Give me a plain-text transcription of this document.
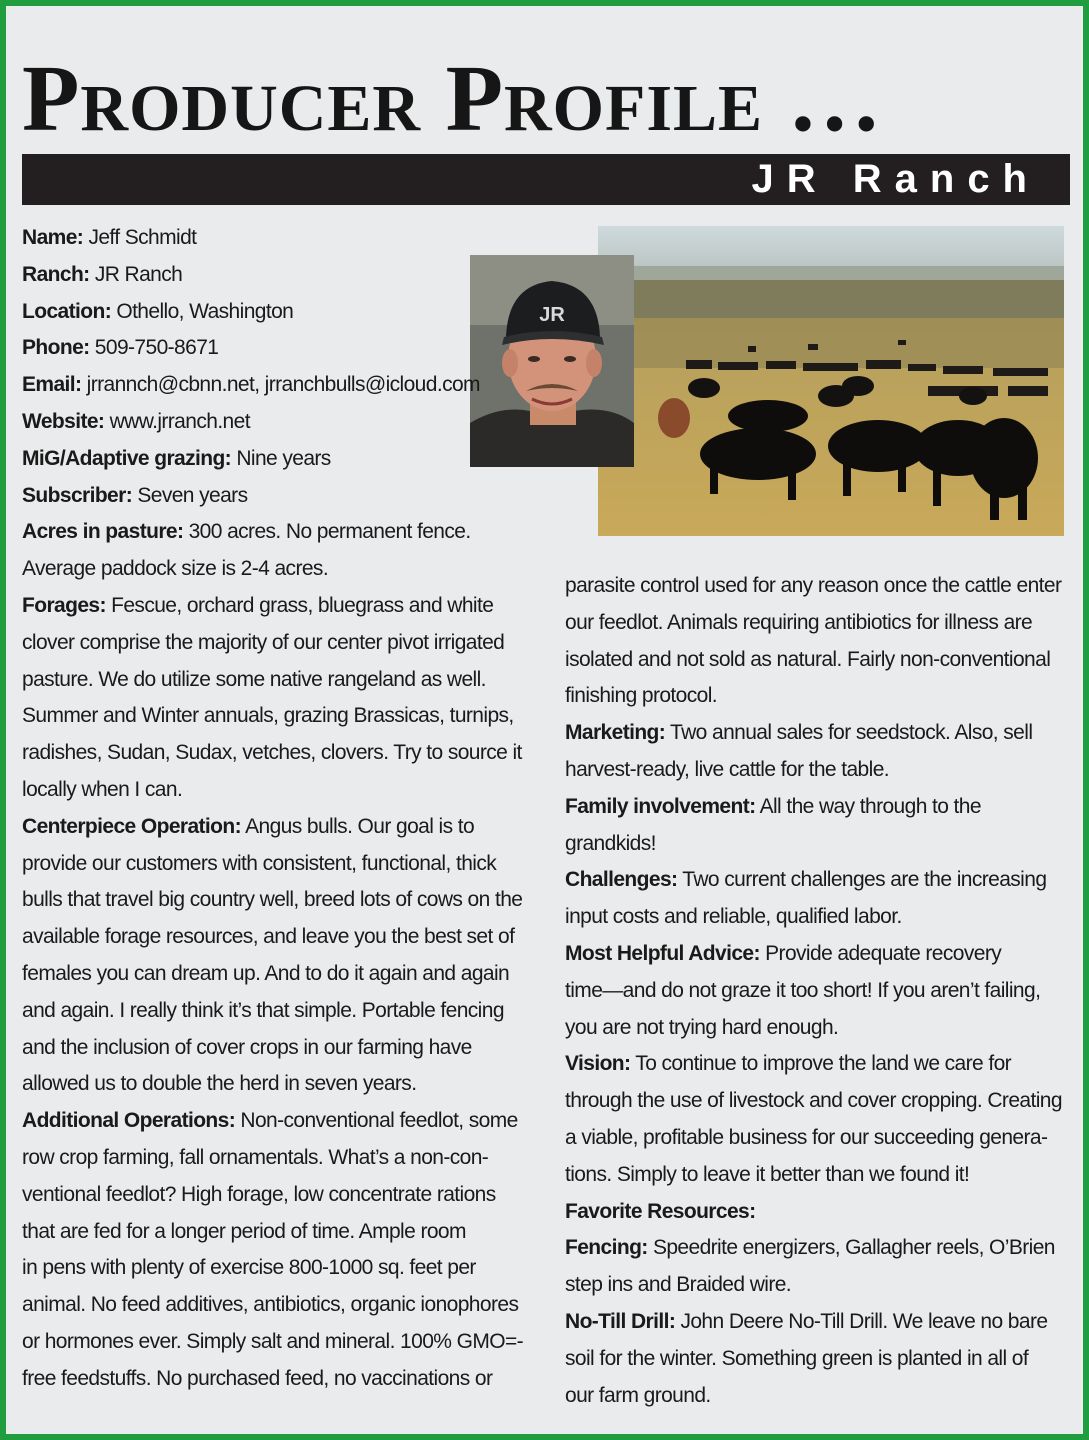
Producer Profile …
JR Ranch
JR
Name: Jeff Schmidt
Ranch: JR Ranch
Location: Othello, Washington
Phone: 509-750-8671
Email: jrrannch@cbnn.net, jrranchbulls@icloud.com
Website: www.jrranch.net
MiG/Adaptive grazing: Nine years
Subscriber: Seven years
Acres in pasture: 300 acres. No permanent fence.
Average paddock size is 2-4 acres.
Forages: Fescue, orchard grass, bluegrass and white
clover comprise the majority of our center pivot irrigated
pasture. We do utilize some native rangeland as well.
Summer and Winter annuals, grazing Brassicas, turnips,
radishes, Sudan, Sudax, vetches, clovers. Try to source it
locally when I can.
Centerpiece Operation: Angus bulls. Our goal is to
provide our customers with consistent, functional, thick
bulls that travel big country well, breed lots of cows on the
available forage resources, and leave you the best set of
females you can dream up. And to do it again and again
and again. I really think it’s that simple. Portable fencing
and the inclusion of cover crops in our farming have
allowed us to double the herd in seven years.
Additional Operations: Non-conventional feedlot, some
row crop farming, fall ornamentals. What’s a non-con-
ventional feedlot? High forage, low concentrate rations
that are fed for a longer period of time. Ample room
in pens with plenty of exercise 800-1000 sq. feet per
animal. No feed additives, antibiotics, organic ionophores
or hormones ever. Simply salt and mineral. 100% GMO=-
free feedstuffs. No purchased feed, no vaccinations or
parasite control used for any reason once the cattle enter
our feedlot. Animals requiring antibiotics for illness are
isolated and not sold as natural. Fairly non-conventional
finishing protocol.
Marketing: Two annual sales for seedstock. Also, sell
harvest-ready, live cattle for the table.
Family involvement: All the way through to the
grandkids!
Challenges: Two current challenges are the increasing
input costs and reliable, qualified labor.
Most Helpful Advice: Provide adequate recovery
time—and do not graze it too short! If you aren’t failing,
you are not trying hard enough.
Vision: To continue to improve the land we care for
through the use of livestock and cover cropping. Creating
a viable, profitable business for our succeeding genera-
tions. Simply to leave it better than we found it!
Favorite Resources:
Fencing: Speedrite energizers, Gallagher reels, O’Brien
step ins and Braided wire.
No-Till Drill: John Deere No-Till Drill. We leave no bare
soil for the winter. Something green is planted in all of
our farm ground.
